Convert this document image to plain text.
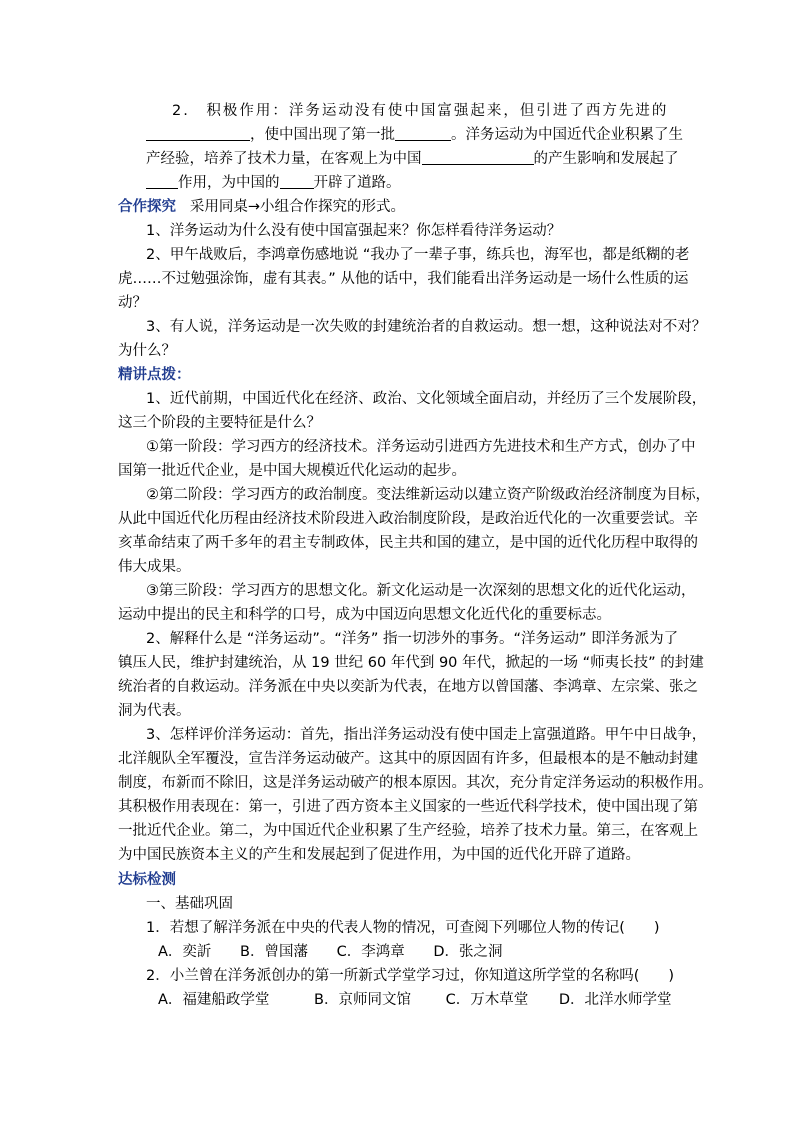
2.　积极作用：洋务运动没有使中国富强起来，但引进了西方先进的
，使中国出现了第一批	。洋务运动为中国近代企业积累了生
产经验，培养了技术力量，在客观上为中国	的产生影响和发展起了
作用，为中国的 开辟了道路。
合作探究 采用同桌→小组合作探究的形式。
1、洋务运动为什么没有使中国富强起来？你怎样看待洋务运动？
2、甲午战败后，李鸿章伤感地说 “我办了一辈子事，练兵也，海军也，都是纸糊的老
虎……不过勉强涂饰，虚有其表。” 从他的话中，我们能看出洋务运动是一场什么性质的运
动？
3、有人说，洋务运动是一次失败的封建统治者的自救运动。想一想，这种说法对不对？
为什么？
精讲点拨：
1、近代前期，中国近代化在经济、政治、文化领域全面启动，并经历了三个发展阶段，
这三个阶段的主要特征是什么？
①第一阶段：学习西方的经济技术。洋务运动引进西方先进技术和生产方式，创办了中
国第一批近代企业，是中国大规模近代化运动的起步。
②第二阶段：学习西方的政治制度。变法维新运动以建立资产阶级政治经济制度为目标，
从此中国近代化历程由经济技术阶段进入政治制度阶段，是政治近代化的一次重要尝试。辛
亥革命结束了两千多年的君主专制政体，民主共和国的建立，是中国的近代化历程中取得的
伟大成果。
③第三阶段：学习西方的思想文化。新文化运动是一次深刻的思想文化的近代化运动，
运动中提出的民主和科学的口号，成为中国迈向思想文化近代化的重要标志。
2、解释什么是 “洋务运动”。“洋务” 指一切涉外的事务。“洋务运动” 即洋务派为了
镇压人民，维护封建统治，从 19 世纪 60 年代到 90 年代，掀起的一场 “师夷长技” 的封建
统治者的自救运动。洋务派在中央以奕訢为代表，在地方以曾国藩、李鸿章、左宗棠、张之
洞为代表。
3、怎样评价洋务运动：首先，指出洋务运动没有使中国走上富强道路。甲午中日战争，
北洋舰队全军覆没，宣告洋务运动破产。这其中的原因固有许多，但最根本的是不触动封建
制度，布新而不除旧，这是洋务运动破产的根本原因。其次，充分肯定洋务运动的积极作用。
其积极作用表现在：第一，引进了西方资本主义国家的一些近代科学技术，使中国出现了第
一批近代企业。第二，为中国近代企业积累了生产经验，培养了技术力量。第三，在客观上
为中国民族资本主义的产生和发展起到了促进作用，为中国的近代化开辟了道路。
达标检测
一、基础巩固
1．若想了解洋务派在中央的代表人物的情况，可查阅下列哪位人物的传记(　　)
A．奕訢 B．曾国藩 C．李鸿章 D．张之洞
2．小兰曾在洋务派创办的第一所新式学堂学习过，你知道这所学堂的名称吗(　　)
A．福建船政学堂	B．京师同文馆 C．万木草堂 D．北洋水师学堂
